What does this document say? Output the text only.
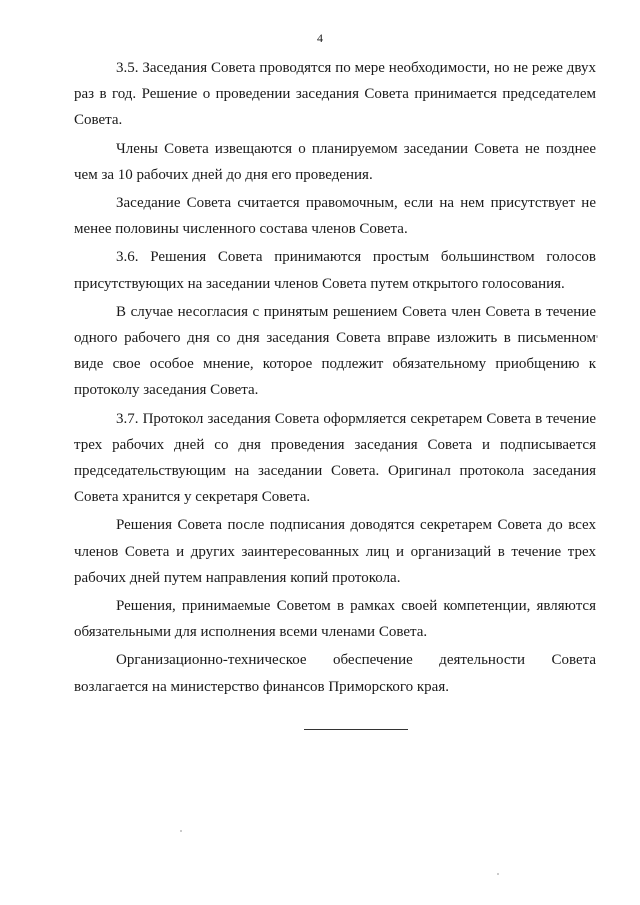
4

3.5. Заседания Совета проводятся по мере необходимости, но не реже двух раз в год. Решение о проведении заседания Совета принимается председателем Совета.

Члены Совета извещаются о планируемом заседании Совета не позднее чем за 10 рабочих дней до дня его проведения.

Заседание Совета считается правомочным, если на нем присутствует не менее половины численного состава членов Совета.

3.6. Решения Совета принимаются простым большинством голосов присутствующих на заседании членов Совета путем открытого голосования.

В случае несогласия с принятым решением Совета член Совета в течение одного рабочего дня со дня заседания Совета вправе изложить в письменном виде свое особое мнение, которое подлежит обязательному приобщению к протоколу заседания Совета.

3.7. Протокол заседания Совета оформляется секретарем Совета в течение трех рабочих дней со дня проведения заседания Совета и подписывается председательствующим на заседании Совета. Оригинал протокола заседания Совета хранится у секретаря Совета.

Решения Совета после подписания доводятся секретарем Совета до всех членов Совета и других заинтересованных лиц и организаций в течение трех рабочих дней путем направления копий протокола.

Решения, принимаемые Советом в рамках своей компетенции, являются обязательными для исполнения всеми членами Совета.

Организационно-техническое обеспечение деятельности Совета возлагается на министерство финансов Приморского края.
